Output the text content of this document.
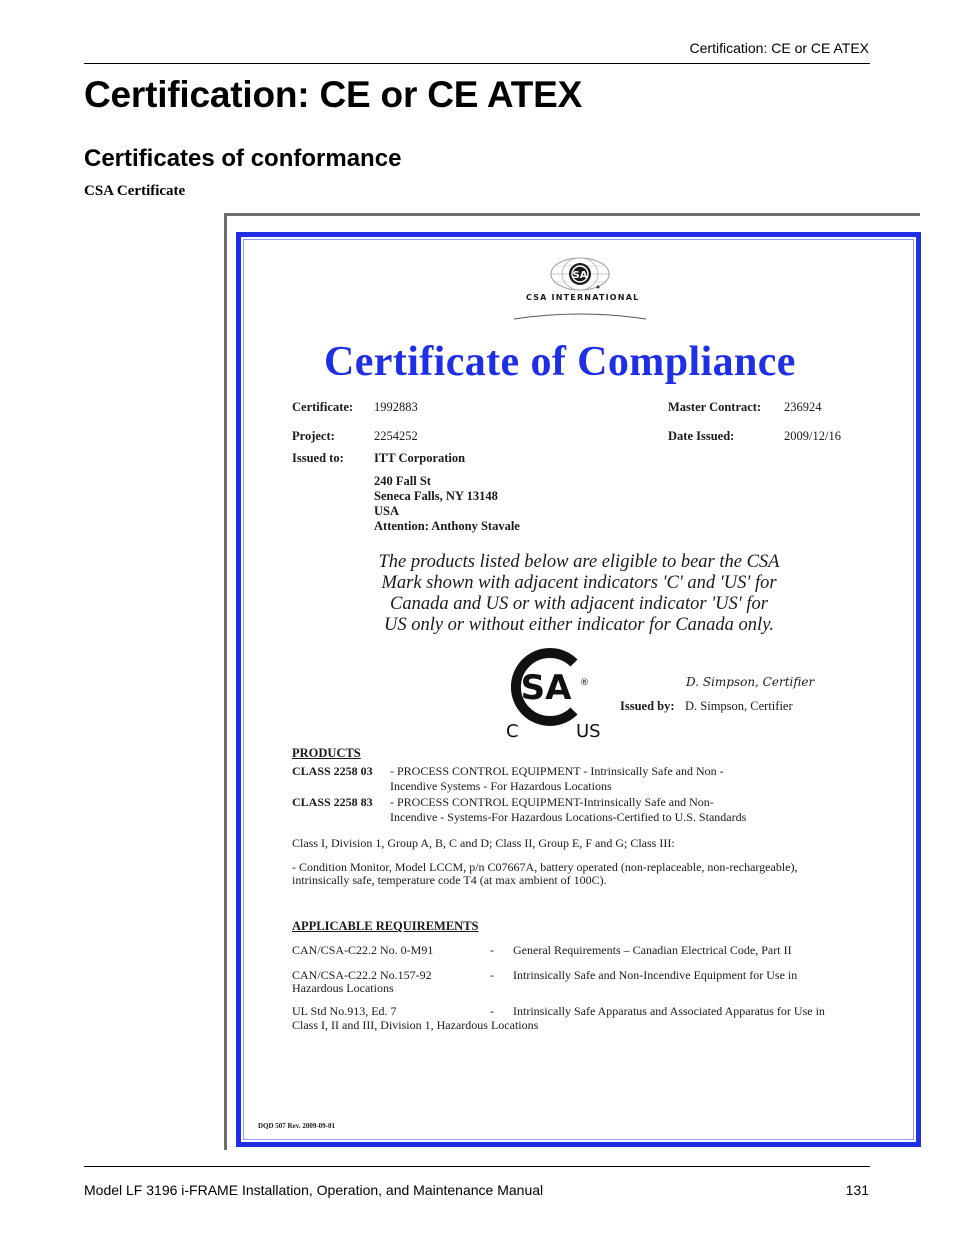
Certification: CE or CE ATEX
Certification: CE or CE ATEX
Certificates of conformance
CSA Certificate
SA
CSA INTERNATIONAL
Certificate of Compliance
Certificate: 1992883	Master Contract: 236924
Project:	2254252	Date Issued:	2009/12/16
Issued to: ITT Corporation
240 Fall St
Seneca Falls, NY 13148
USA
Attention: Anthony Stavale
The products listed below are eligible to bear the CSA
Mark shown with adjacent indicators 'C' and 'US' for
Canada and US or with adjacent indicator 'US' for
US only or without either indicator for Canada only.
SA
C	US
®	D. Simpson, Certifier
Issued by: D. Simpson, Certifier
PRODUCTS
CLASS 2258 03 - PROCESS CONTROL EQUIPMENT - Intrinsically Safe and Non -
Incendive Systems - For Hazardous Locations
CLASS 2258 83 - PROCESS CONTROL EQUIPMENT-Intrinsically Safe and Non-
Incendive - Systems-For Hazardous Locations-Certified to U.S. Standards
Class I, Division 1, Group A, B, C and D; Class II, Group E, F and G; Class III:
- Condition Monitor, Model LCCM, p/n C07667A, battery operated (non-replaceable, non-rechargeable),
intrinsically safe, temperature code T4 (at max ambient of 100C).
APPLICABLE REQUIREMENTS
CAN/CSA-C22.2 No. 0-M91	- General Requirements – Canadian Electrical Code, Part II
CAN/CSA-C22.2 No.157-92	- Intrinsically Safe and Non-Incendive Equipment for Use in
Hazardous Locations
UL Std No.913, Ed. 7	- Intrinsically Safe Apparatus and Associated Apparatus for Use in
Class I, II and III, Division 1, Hazardous Locations
DQD 507 Rev. 2009-09-01
Model LF 3196 i-FRAME Installation, Operation, and Maintenance Manual	131
